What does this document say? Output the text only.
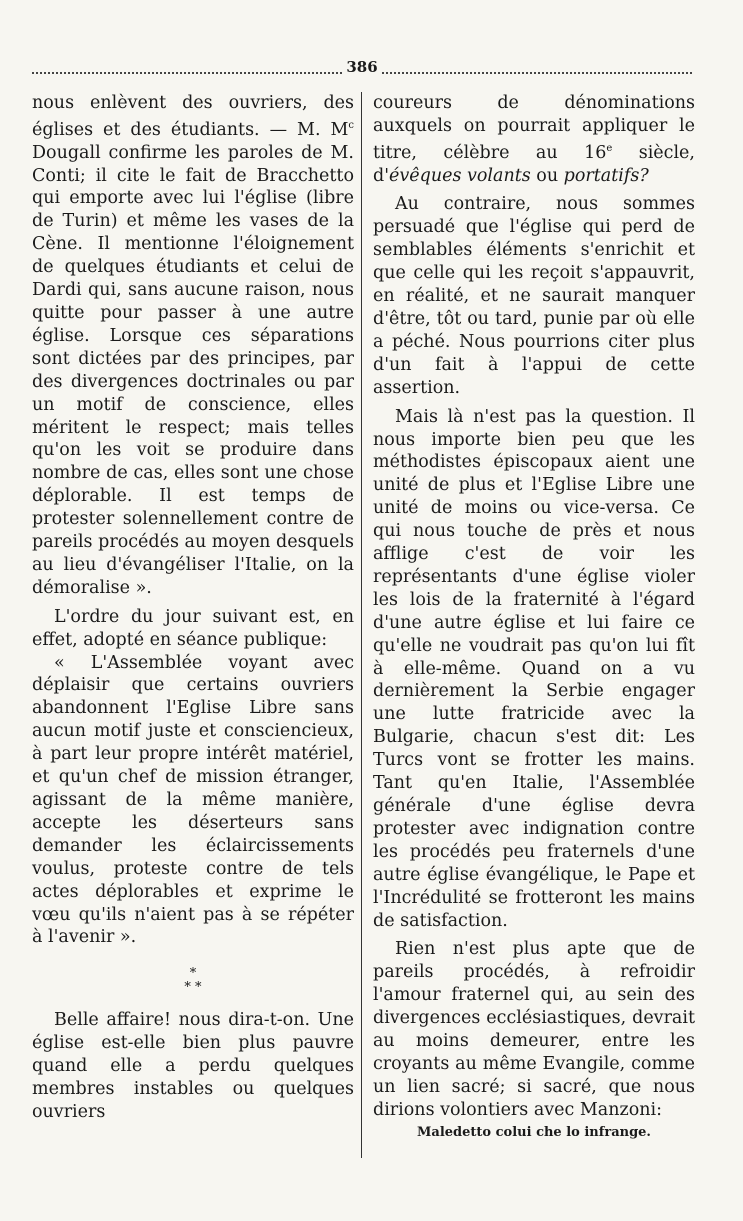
386

nous enlèvent des ouvriers, des églises et des étudiants. — M. $M^c$ Dougall confirme les paroles de M. Conti; il cite le fait de Bracchetto qui emporte avec lui l'église (libre de Turin) et même les vases de la Cène. Il mentionne l'éloignement de quelques étudiants et celui de Dardi qui, sans aucune raison, nous quitte pour passer à une autre église. Lorsque ces séparations sont dictées par des principes, par des divergences doctrinales ou par un motif de conscience, elles méritent le respect; mais telles qu'on les voit se produire dans nombre de cas, elles sont une chose déplorable. Il est temps de protester solennellement contre de pareils procédés au moyen desquels au lieu d'évangéliser l'Italie, on la démoralise ».

L'ordre du jour suivant est, en effet, adopté en séance publique:

« L'Assemblée voyant avec déplaisir que certains ouvriers abandonnent l'Eglise Libre sans aucun motif juste et consciencieux, à part leur propre intérêt matériel, et qu'un chef de mission étranger, agissant de la même manière, accepte les déserteurs sans demander les éclaircissements voulus, proteste contre de tels actes déplorables et exprime le vœu qu'ils n'aient pas à se répéter à l'avenir ».

*
* *

Belle affaire! nous dira-t-on. Une église est-elle bien plus pauvre quand elle a perdu quelques membres instables ou quelques ouvriers

coureurs de dénominations auxquels on pourrait appliquer le titre, célèbre au 16e siècle, d'évêques volants ou portatifs?

Au contraire, nous sommes persuadé que l'église qui perd de semblables éléments s'enrichit et que celle qui les reçoit s'appauvrit, en réalité, et ne saurait manquer d'être, tôt ou tard, punie par où elle a péché. Nous pourrions citer plus d'un fait à l'appui de cette assertion.

Mais là n'est pas la question. Il nous importe bien peu que les méthodistes épiscopaux aient une unité de plus et l'Eglise Libre une unité de moins ou vice-versa. Ce qui nous touche de près et nous afflige c'est de voir les représentants d'une église violer les lois de la fraternité à l'égard d'une autre église et lui faire ce qu'elle ne voudrait pas qu'on lui fît à elle-même. Quand on a vu dernièrement la Serbie engager une lutte fratricide avec la Bulgarie, chacun s'est dit: Les Turcs vont se frotter les mains. Tant qu'en Italie, l'Assemblée générale d'une église devra protester avec indignation contre les procédés peu fraternels d'une autre église évangélique, le Pape et l'Incrédulité se frotteront les mains de satisfaction.

Rien n'est plus apte que de pareils procédés, à refroidir l'amour fraternel qui, au sein des divergences ecclésiastiques, devrait au moins demeurer, entre les croyants au même Evangile, comme un lien sacré; si sacré, que nous dirions volontiers avec Manzoni:

Maledetto colui che lo infrange.
